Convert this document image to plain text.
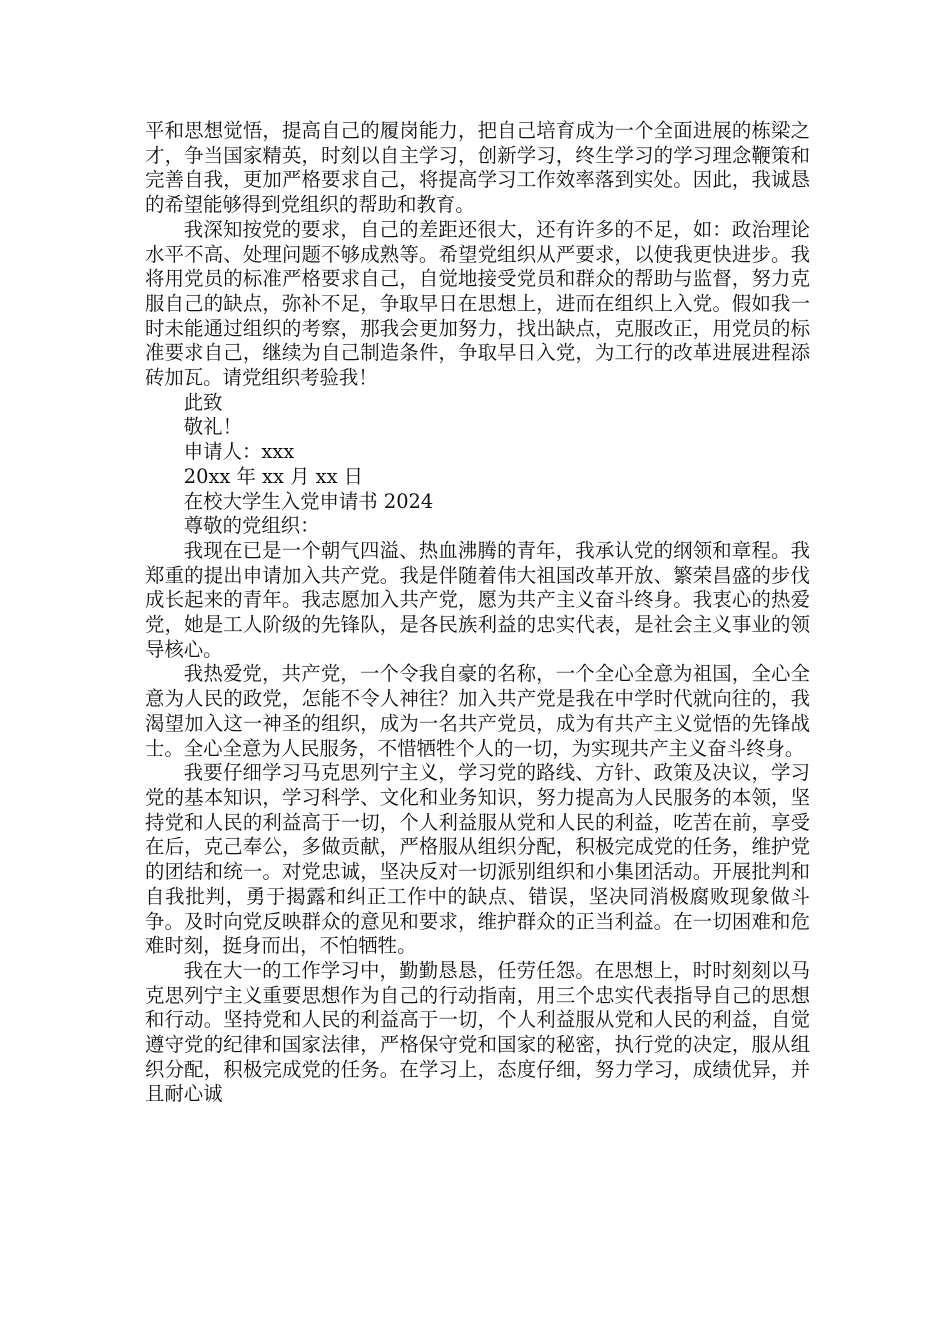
平和思想觉悟，提高自己的履岗能力，把自己培育成为一个全面进展的栋梁之才，争当国家精英，时刻以自主学习，创新学习，终生学习的学习理念鞭策和完善自我，更加严格要求自己，将提高学习工作效率落到实处。因此，我诚恳的希望能够得到党组织的帮助和教育。

我深知按党的要求，自己的差距还很大，还有许多的不足，如：政治理论水平不高、处理问题不够成熟等。希望党组织从严要求，以使我更快进步。我将用党员的标准严格要求自己，自觉地接受党员和群众的帮助与监督，努力克服自己的缺点，弥补不足，争取早日在思想上，进而在组织上入党。假如我一时未能通过组织的考察，那我会更加努力，找出缺点，克服改正，用党员的标准要求自己，继续为自己制造条件，争取早日入党，为工行的改革进展进程添砖加瓦。请党组织考验我！

此致

敬礼！

申请人：xxx

20xx 年 xx 月 xx 日

在校大学生入党申请书 2024

尊敬的党组织：

我现在已是一个朝气四溢、热血沸腾的青年，我承认党的纲领和章程。我郑重的提出申请加入共产党。我是伴随着伟大祖国改革开放、繁荣昌盛的步伐成长起来的青年。我志愿加入共产党，愿为共产主义奋斗终身。我衷心的热爱党，她是工人阶级的先锋队，是各民族利益的忠实代表，是社会主义事业的领导核心。

我热爱党，共产党，一个令我自豪的名称，一个全心全意为祖国，全心全意为人民的政党，怎能不令人神往？加入共产党是我在中学时代就向往的，我渴望加入这一神圣的组织，成为一名共产党员，成为有共产主义觉悟的先锋战士。全心全意为人民服务，不惜牺牲个人的一切，为实现共产主义奋斗终身。

我要仔细学习马克思列宁主义，学习党的路线、方针、政策及决议，学习党的基本知识，学习科学、文化和业务知识，努力提高为人民服务的本领，坚持党和人民的利益高于一切，个人利益服从党和人民的利益，吃苦在前，享受在后，克己奉公，多做贡献，严格服从组织分配，积极完成党的任务，维护党的团结和统一。对党忠诚，坚决反对一切派别组织和小集团活动。开展批判和自我批判，勇于揭露和纠正工作中的缺点、错误，坚决同消极腐败现象做斗争。及时向党反映群众的意见和要求，维护群众的正当利益。在一切困难和危难时刻，挺身而出，不怕牺牲。

我在大一的工作学习中，勤勤恳恳，任劳任怨。在思想上，时时刻刻以马克思列宁主义重要思想作为自己的行动指南，用三个忠实代表指导自己的思想和行动。坚持党和人民的利益高于一切，个人利益服从党和人民的利益，自觉遵守党的纪律和国家法律，严格保守党和国家的秘密，执行党的决定，服从组织分配，积极完成党的任务。在学习上，态度仔细，努力学习，成绩优异，并且耐心诚
